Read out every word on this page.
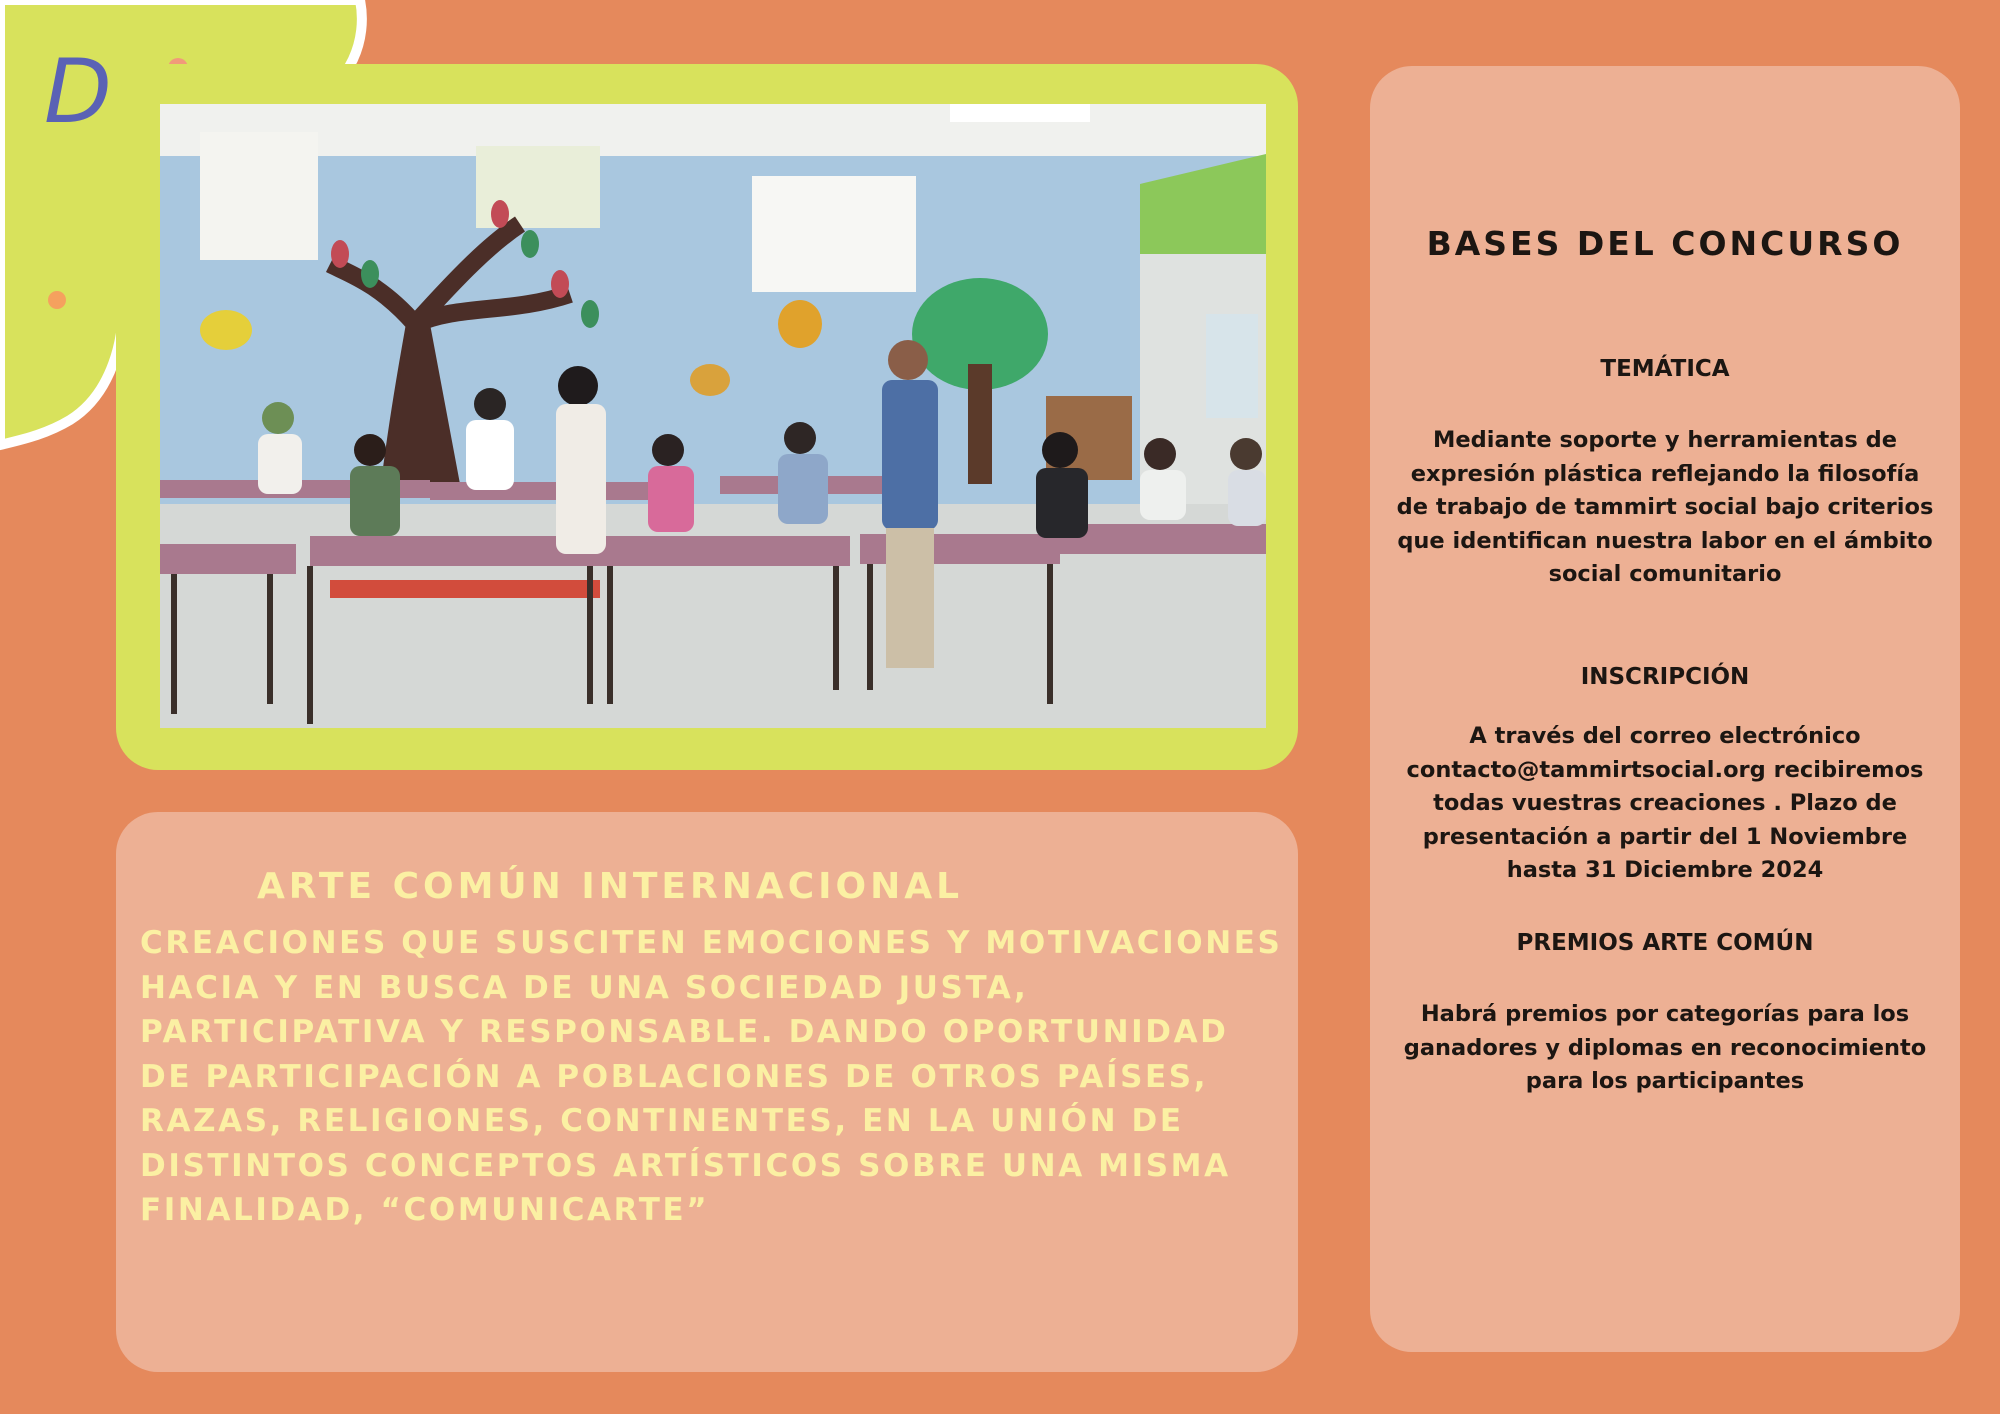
D
ARTE COMÚN INTERNACIONAL
CREACIONES QUE SUSCITEN EMOCIONES Y MOTIVACIONES
HACIA Y EN BUSCA DE UNA SOCIEDAD JUSTA,
PARTICIPATIVA Y RESPONSABLE. DANDO OPORTUNIDAD
DE PARTICIPACIÓN A POBLACIONES DE OTROS PAÍSES,
RAZAS, RELIGIONES, CONTINENTES, EN LA UNIÓN DE
DISTINTOS CONCEPTOS ARTÍSTICOS SOBRE UNA MISMA
FINALIDAD, “COMUNICARTE”
BASES DEL CONCURSO
TEMÁTICA
Mediante soporte y herramientas de
expresión plástica reflejando la filosofía
de trabajo de tammirt social bajo criterios
que identifican nuestra labor en el ámbito
social comunitario
INSCRIPCIÓN
A través del correo electrónico
contacto@tammirtsocial.org recibiremos
todas vuestras creaciones . Plazo de
presentación a partir del 1 Noviembre
hasta 31 Diciembre 2024
PREMIOS ARTE COMÚN
Habrá premios por categorías para los
ganadores y diplomas en reconocimiento
para los participantes
